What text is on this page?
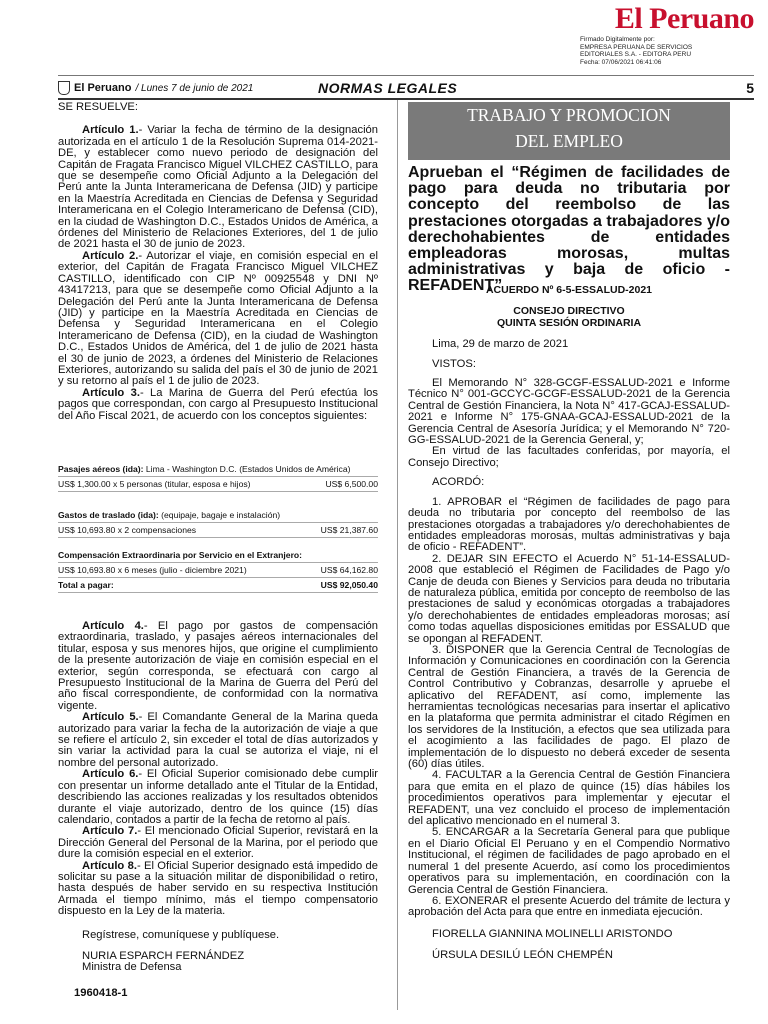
El Peruano
Firmado Digitalmente por:
EMPRESA PERUANA DE SERVICIOS
EDITORIALES S.A. - EDITORA PERU
Fecha: 07/06/2021 06:41:06
El Peruano / Lunes 7 de junio de 2021	NORMAS LEGALES	5

SE RESUELVE:

Artículo 1.- Variar la fecha de término de la designación autorizada en el artículo 1 de la Resolución Suprema 014-2021-DE, y establecer como nuevo periodo de designación del Capitán de Fragata Francisco Miguel VILCHEZ CASTILLO, para que se desempeñe como Oficial Adjunto a la Delegación del Perú ante la Junta Interamericana de Defensa (JID) y participe en la Maestría Acreditada en Ciencias de Defensa y Seguridad Interamericana en el Colegio Interamericano de Defensa (CID), en la ciudad de Washington D.C., Estados Unidos de América, a órdenes del Ministerio de Relaciones Exteriores, del 1 de julio de 2021 hasta el 30 de junio de 2023.

Artículo 2.- Autorizar el viaje, en comisión especial en el exterior, del Capitán de Fragata Francisco Miguel VILCHEZ CASTILLO, identificado con CIP Nº 00925548 y DNI Nº 43417213, para que se desempeñe como Oficial Adjunto a la Delegación del Perú ante la Junta Interamericana de Defensa (JID) y participe en la Maestría Acreditada en Ciencias de Defensa y Seguridad Interamericana en el Colegio Interamericano de Defensa (CID), en la ciudad de Washington D.C., Estados Unidos de América, del 1 de julio de 2021 hasta el 30 de junio de 2023, a órdenes del Ministerio de Relaciones Exteriores, autorizando su salida del país el 30 de junio de 2021 y su retorno al país el 1 de julio de 2023.

Artículo 3.- La Marina de Guerra del Perú efectúa los pagos que correspondan, con cargo al Presupuesto Institucional del Año Fiscal 2021, de acuerdo con los conceptos siguientes:

Pasajes aéreos (ida): Lima - Washington D.C. (Estados Unidos de América)
US$ 1,300.00 x 5 personas (titular, esposa e hijos)	US$ 6,500.00
Gastos de traslado (ida): (equipaje, bagaje e instalación)
US$ 10,693.80 x 2 compensaciones	US$ 21,387.60
Compensación Extraordinaria por Servicio en el Extranjero:
US$ 10,693.80 x 6 meses (julio - diciembre 2021)	US$ 64,162.80
Total a pagar:	US$ 92,050.40

Artículo 4.- El pago por gastos de compensación extraordinaria, traslado, y pasajes aéreos internacionales del titular, esposa y sus menores hijos, que origine el cumplimiento de la presente autorización de viaje en comisión especial en el exterior, según corresponda, se efectuará con cargo al Presupuesto Institucional de la Marina de Guerra del Perú del año fiscal correspondiente, de conformidad con la normativa vigente.

Artículo 5.- El Comandante General de la Marina queda autorizado para variar la fecha de la autorización de viaje a que se refiere el artículo 2, sin exceder el total de días autorizados y sin variar la actividad para la cual se autoriza el viaje, ni el nombre del personal autorizado.

Artículo 6.- El Oficial Superior comisionado debe cumplir con presentar un informe detallado ante el Titular de la Entidad, describiendo las acciones realizadas y los resultados obtenidos durante el viaje autorizado, dentro de los quince (15) días calendario, contados a partir de la fecha de retorno al país.

Artículo 7.- El mencionado Oficial Superior, revistará en la Dirección General del Personal de la Marina, por el periodo que dure la comisión especial en el exterior.

Artículo 8.- El Oficial Superior designado está impedido de solicitar su pase a la situación militar de disponibilidad o retiro, hasta después de haber servido en su respectiva Institución Armada el tiempo mínimo, más el tiempo compensatorio dispuesto en la Ley de la materia.

Regístrese, comuníquese y publíquese.

NURIA ESPARCH FERNÁNDEZ

Ministra de Defensa

1960418-1

TRABAJO Y PROMOCION
DEL EMPLEO
Aprueban el “Régimen de facilidades de pago para deuda no tributaria por concepto del reembolso de las prestaciones otorgadas a trabajadores y/o derechohabientes de entidades empleadoras morosas, multas administrativas y baja de oficio - REFADENT”
ACUERDO Nº 6-5-ESSALUD-2021
CONSEJO DIRECTIVO
QUINTA SESIÓN ORDINARIA

Lima, 29 de marzo de 2021

VISTOS:

El Memorando N° 328-GCGF-ESSALUD-2021 e Informe Técnico N° 001-GCCYC-GCGF-ESSALUD-2021 de la Gerencia Central de Gestión Financiera, la Nota N° 417-GCAJ-ESSALUD-2021 e Informe N° 175-GNAA-GCAJ-ESSALUD-2021 de la Gerencia Central de Asesoría Jurídica; y el Memorando N° 720-GG-ESSALUD-2021 de la Gerencia General, y;

En virtud de las facultades conferidas, por mayoría, el Consejo Directivo;

ACORDÓ:

1. APROBAR el “Régimen de facilidades de pago para deuda no tributaria por concepto del reembolso de las prestaciones otorgadas a trabajadores y/o derechohabientes de entidades empleadoras morosas, multas administrativas y baja de oficio - REFADENT”.

2. DEJAR SIN EFECTO el Acuerdo N° 51-14-ESSALUD-2008 que estableció el Régimen de Facilidades de Pago y/o Canje de deuda con Bienes y Servicios para deuda no tributaria de naturaleza pública, emitida por concepto de reembolso de las prestaciones de salud y económicas otorgadas a trabajadores y/o derechohabientes de entidades empleadoras morosas; así como todas aquellas disposiciones emitidas por ESSALUD que se opongan al REFADENT.

3. DISPONER que la Gerencia Central de Tecnologías de Información y Comunicaciones en coordinación con la Gerencia Central de Gestión Financiera, a través de la Gerencia de Control Contributivo y Cobranzas, desarrolle y apruebe el aplicativo del REFADENT, así como, implemente las herramientas tecnológicas necesarias para insertar el aplicativo en la plataforma que permita administrar el citado Régimen en los servidores de la Institución, a efectos que sea utilizada para el acogimiento a las facilidades de pago. El plazo de implementación de lo dispuesto no deberá exceder de sesenta (60) días útiles.

4. FACULTAR a la Gerencia Central de Gestión Financiera para que emita en el plazo de quince (15) días hábiles los procedimientos operativos para implementar y ejecutar el REFADENT, una vez concluido el proceso de implementación del aplicativo mencionado en el numeral 3.

5. ENCARGAR a la Secretaría General para que publique en el Diario Oficial El Peruano y en el Compendio Normativo Institucional, el régimen de facilidades de pago aprobado en el numeral 1 del presente Acuerdo, así como los procedimientos operativos para su implementación, en coordinación con la Gerencia Central de Gestión Financiera.

6. EXONERAR el presente Acuerdo del trámite de lectura y aprobación del Acta para que entre en inmediata ejecución.

FIORELLA GIANNINA MOLINELLI ARISTONDO

ÚRSULA DESILÚ LEÓN CHEMPÉN
